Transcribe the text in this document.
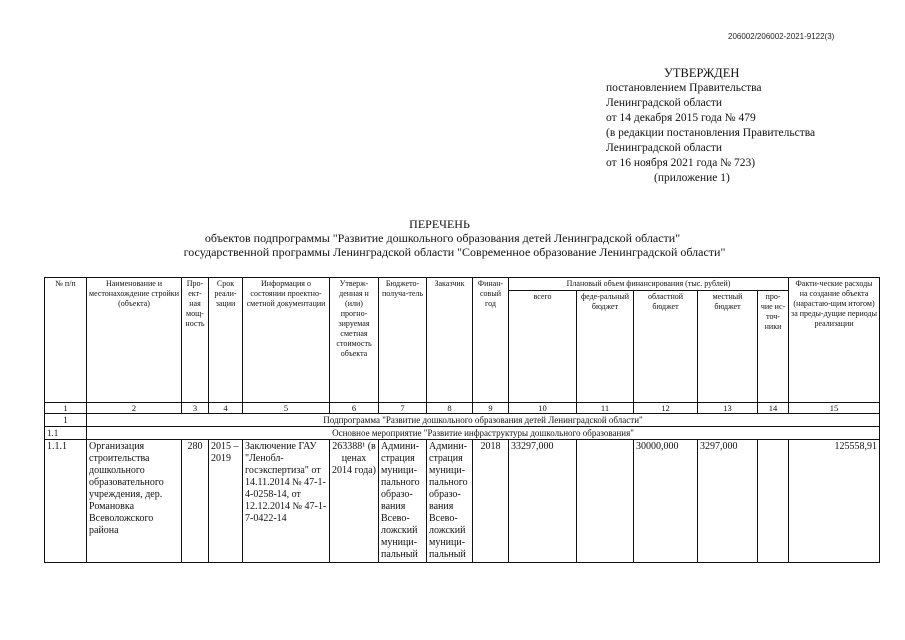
206002/206002-2021-9122(3)
УТВЕРЖДЕН
постановлением Правительства
Ленинградской области
от 14 декабря 2015 года № 479
(в редакции постановления Правительства
Ленинградской области
от 16 ноября 2021 года № 723)
(приложение 1)
ПЕРЕЧЕНЬ
объектов подпрограммы "Развитие дошкольного образования детей Ленинградской области"
государственной программы Ленинградской области "Современное образование Ленинградской области"
№ п/п	Наименование и местонахождение стройки (объекта)	Про-ект-ная мощ-ность	Срок реали-зации	Информация о состоянии проектно-сметной документации	Утверж-денная н (или) прогно-зируемая сметная стоимость объекта	Бюджето-получа-тель	Заказчик	Финан-совый год	Плановый объем финансирования (тыс. рублей)					Факти-ческие расходы на создание объекта (нарастаю-щим итогом) за преды-дущие периоды реализации
									всего	феде-ральный бюджет	областной бюджет	местный бюджет	про-чие ис-точ-ники	
1	2	3	4	5	6	7	8	9	10	11	12	13	14	15
1	Подпрограмма "Развитие дошкольного образования детей Ленинградской области"													
1.1	Основное мероприятие "Развитие инфраструктуры дошкольного образования"													
1.1.1	Организация строительства дошкольного образовательного учреждения, дер. Романовка Всеволожского района	280	2015 – 2019	Заключение ГАУ "Ленобл-госэкспертиза" от 14.11.2014 № 47-1-4-0258-14, от 12.12.2014 № 47-1-7-0422-14	263388¹ (в ценах 2014 года)	Админи-страция муници-пального образо-вания Всево-ложский муници-пальный	Админи-страция муници-пального образо-вания Всево-ложский муници-пальный	2018	33297,000		30000,000	3297,000		125558,91
